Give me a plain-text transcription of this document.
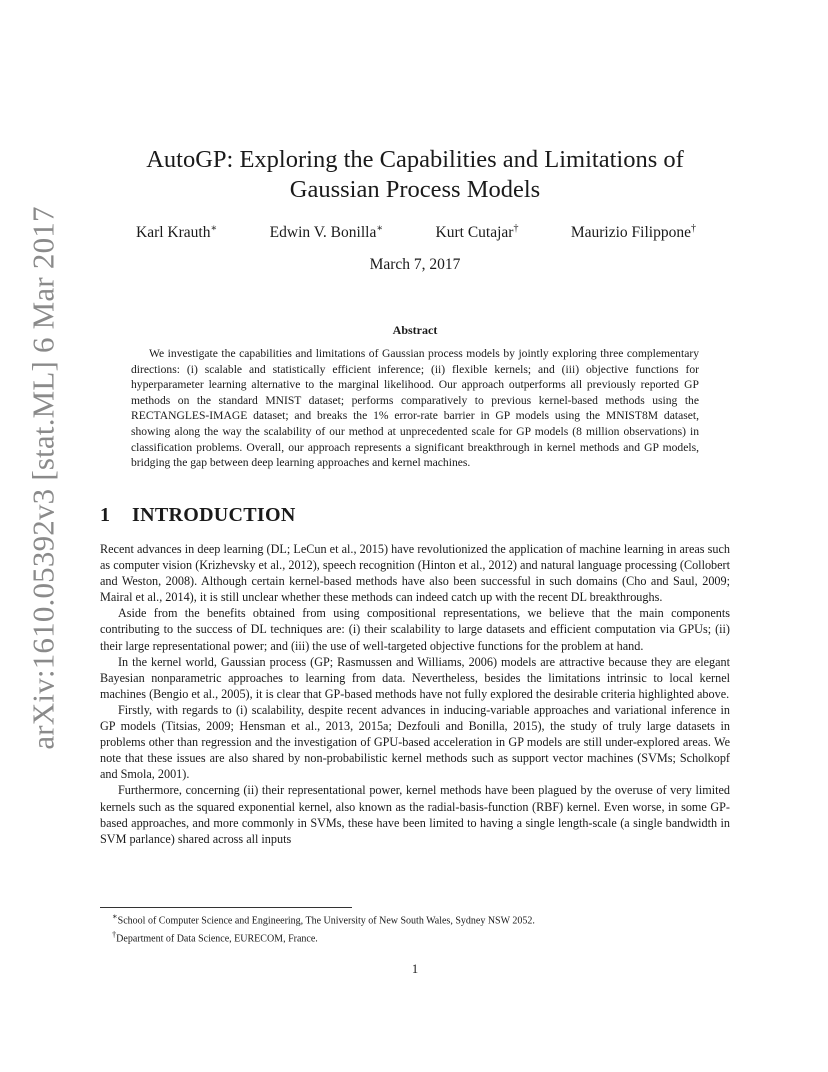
arXiv:1610.05392v3 [stat.ML] 6 Mar 2017
AutoGP: Exploring the Capabilities and Limitations of
Gaussian Process Models
Karl Krauth∗	Edwin V. Bonilla∗	Kurt Cutajar†	Maurizio Filippone†
March 7, 2017
Abstract

We investigate the capabilities and limitations of Gaussian process models by jointly exploring three complementary directions: (i) scalable and statistically efficient inference; (ii) flexible kernels; and (iii) objective functions for hyperparameter learning alternative to the marginal likelihood. Our approach outperforms all previously reported GP methods on the standard MNIST dataset; performs comparatively to previous kernel-based methods using the RECTANGLES-IMAGE dataset; and breaks the 1% error-rate barrier in GP models using the MNIST8M dataset, showing along the way the scalability of our method at unprecedented scale for GP models (8 million observations) in classification problems. Overall, our approach represents a significant breakthrough in kernel methods and GP models, bridging the gap between deep learning approaches and kernel machines.

1 INTRODUCTION

Recent advances in deep learning (DL; LeCun et al., 2015) have revolutionized the application of machine learning in areas such as computer vision (Krizhevsky et al., 2012), speech recognition (Hinton et al., 2012) and natural language processing (Collobert and Weston, 2008). Although certain kernel-based methods have also been successful in such domains (Cho and Saul, 2009; Mairal et al., 2014), it is still unclear whether these methods can indeed catch up with the recent DL breakthroughs.

Aside from the benefits obtained from using compositional representations, we believe that the main components contributing to the success of DL techniques are: (i) their scalability to large datasets and efficient computation via GPUs; (ii) their large representational power; and (iii) the use of well-targeted objective functions for the problem at hand.

In the kernel world, Gaussian process (GP; Rasmussen and Williams, 2006) models are attractive because they are elegant Bayesian nonparametric approaches to learning from data. Nevertheless, besides the limitations intrinsic to local kernel machines (Bengio et al., 2005), it is clear that GP-based methods have not fully explored the desirable criteria highlighted above.

Firstly, with regards to (i) scalability, despite recent advances in inducing-variable approaches and variational inference in GP models (Titsias, 2009; Hensman et al., 2013, 2015a; Dezfouli and Bonilla, 2015), the study of truly large datasets in problems other than regression and the investigation of GPU-based acceleration in GP models are still under-explored areas. We note that these issues are also shared by non-probabilistic kernel methods such as support vector machines (SVMs; Scholkopf and Smola, 2001).

Furthermore, concerning (ii) their representational power, kernel methods have been plagued by the overuse of very limited kernels such as the squared exponential kernel, also known as the radial-basis-function (RBF) kernel. Even worse, in some GP-based approaches, and more commonly in SVMs, these have been limited to having a single length-scale (a single bandwidth in SVM parlance) shared across all inputs

∗School of Computer Science and Engineering, The University of New South Wales, Sydney NSW 2052.
†Department of Data Science, EURECOM, France.
1
